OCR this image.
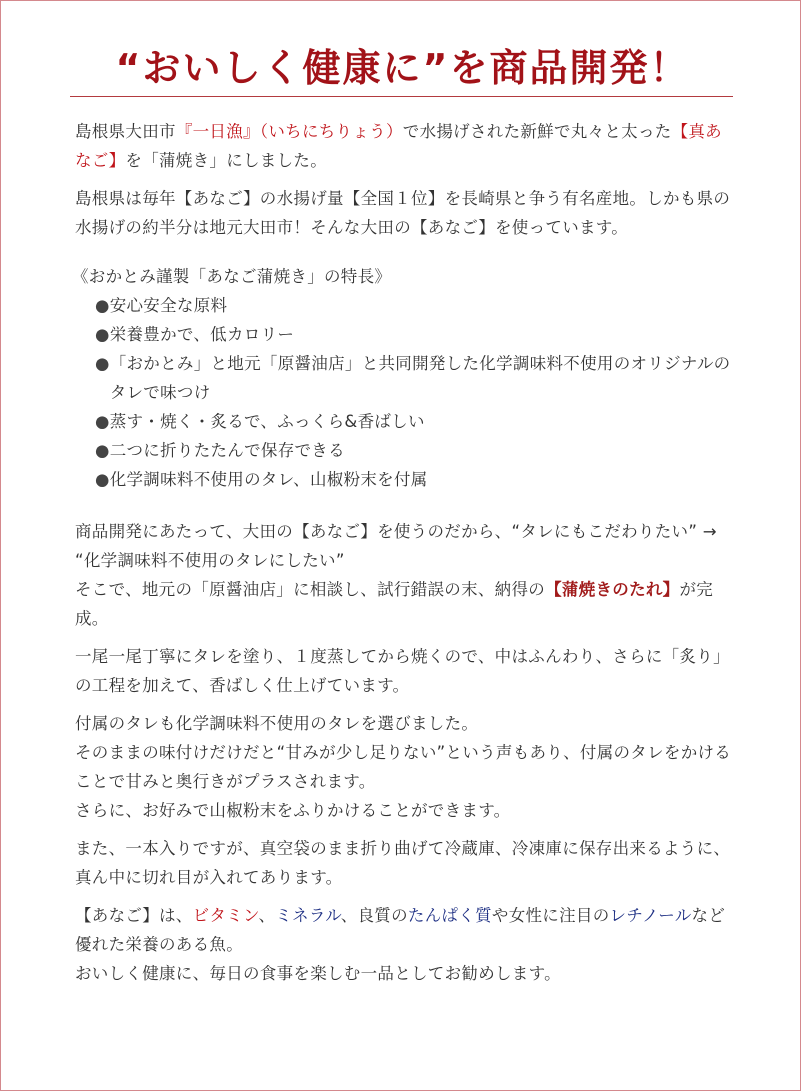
“おいしく健康に”を商品開発！

島根県大田市『一日漁』（いちにちりょう）で水揚げされた新鮮で丸々と太った【真あなご】を「蒲焼き」にしました。

島根県は毎年【あなご】の水揚げ量【全国１位】を長崎県と争う有名産地。しかも県の水揚げの約半分は地元大田市！そんな大田の【あなご】を使っています。

《おかとみ謹製「あなご蒲焼き」の特長》
● 安心安全な原料
● 栄養豊かで、低カロリー
● 「おかとみ」と地元「原醤油店」と共同開発した化学調味料不使用のオリジナルのタレで味つけ
● 蒸す・焼く・炙るで、ふっくら&香ばしい
● 二つに折りたたんで保存できる
● 化学調味料不使用のタレ、山椒粉末を付属

商品開発にあたって、大田の【あなご】を使うのだから、“タレにもこだわりたい” → “化学調味料不使用のタレにしたい”
そこで、地元の「原醤油店」に相談し、試行錯誤の末、納得の【蒲焼きのたれ】が完成。

一尾一尾丁寧にタレを塗り、１度蒸してから焼くので、中はふんわり、さらに「炙り」の工程を加えて、香ばしく仕上げています。

付属のタレも化学調味料不使用のタレを選びました。
そのままの味付けだけだと“甘みが少し足りない”という声もあり、付属のタレをかけることで甘みと奥行きがプラスされます。
さらに、お好みで山椒粉末をふりかけることができます。

また、一本入りですが、真空袋のまま折り曲げて冷蔵庫、冷凍庫に保存出来るように、真ん中に切れ目が入れてあります。

【あなご】は、ビタミン、ミネラル、良質のたんぱく質や女性に注目のレチノールなど優れた栄養のある魚。
おいしく健康に、毎日の食事を楽しむ一品としてお勧めします。
